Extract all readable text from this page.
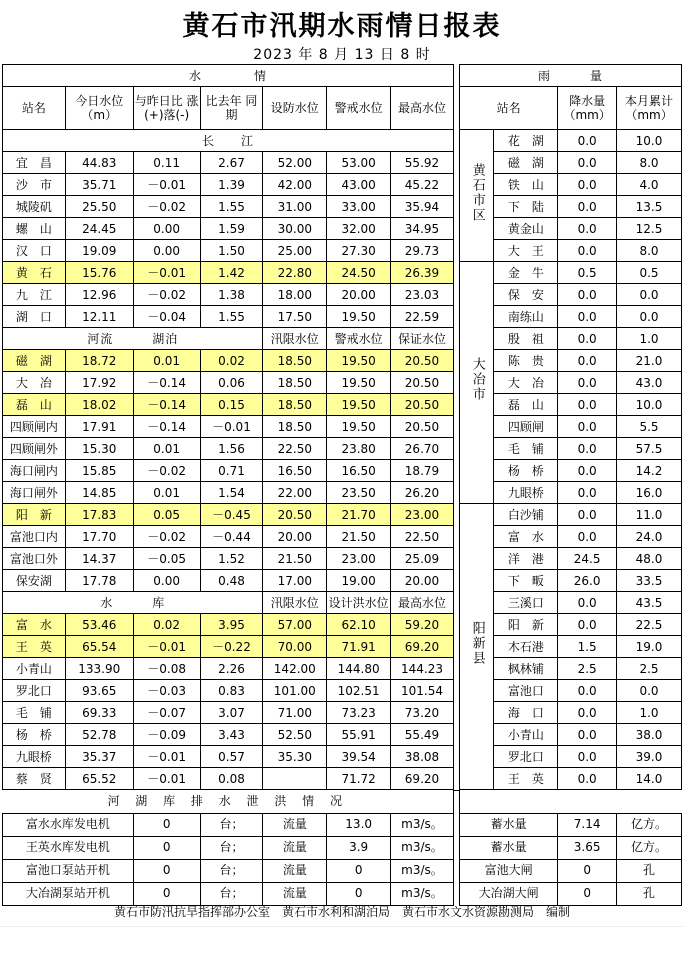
黄石市汛期水雨情日报表
2023 年 8 月 13 日 8 时
水　　　　情								雨　　　量			
站名	今日水位（m）	与昨日比 涨(+)落(-)	比去年 同　期	设防水位	警戒水位	最高水位		站名		降水量（mm）	本月累计（mm）
长　　江								黄石市区	花　湖	0.0	10.0
宜　昌	44.83	0.11	2.67	52.00	53.00	55.92			磁　湖	0.0	8.0
沙　市	35.71	－0.01	1.39	42.00	43.00	45.22			铁　山	0.0	4.0
城陵矶	25.50	－0.02	1.55	31.00	33.00	35.94			下　陆	0.0	13.5
螺　山	24.45	0.00	1.59	30.00	32.00	34.95			黄金山	0.0	12.5
汉　口	19.09	0.00	1.50	25.00	27.30	29.73			大　王	0.0	8.0
黄　石	15.76	－0.01	1.42	22.80	24.50	26.39		大冶市	金　牛	0.5	0.5
九　江	12.96	－0.02	1.38	18.00	20.00	23.03			保　安	0.0	0.0
湖　口	12.11	－0.04	1.55	17.50	19.50	22.59			南练山	0.0	0.0
河流　　　湖泊				汛限水位	警戒水位	保证水位			殷　祖	0.0	1.0
磁　湖	18.72	0.01	0.02	18.50	19.50	20.50			陈　贵	0.0	21.0
大　冶	17.92	－0.14	0.06	18.50	19.50	20.50			大　冶	0.0	43.0
磊　山	18.02	－0.14	0.15	18.50	19.50	20.50			磊　山	0.0	10.0
四顾闸内	17.91	－0.14	－0.01	18.50	19.50	20.50			四顾闸	0.0	5.5
四顾闸外	15.30	0.01	1.56	22.50	23.80	26.70			毛　铺	0.0	57.5
海口闸内	15.85	－0.02	0.71	16.50	16.50	18.79			杨　桥	0.0	14.2
海口闸外	14.85	0.01	1.54	22.00	23.50	26.20			九眼桥	0.0	16.0
阳　新	17.83	0.05	－0.45	20.50	21.70	23.00		阳新县	白沙铺	0.0	11.0
富池口内	17.70	－0.02	－0.44	20.00	21.50	22.50			富　水	0.0	24.0
富池口外	14.37	－0.05	1.52	21.50	23.00	25.09			洋　港	24.5	48.0
保安湖	17.78	0.00	0.48	17.00	19.00	20.00			下　畈	26.0	33.5
水　　　库				汛限水位	设计洪水位	最高水位			三溪口	0.0	43.5
富　水	53.46	0.02	3.95	57.00	62.10	59.20			阳　新	0.0	22.5
王　英	65.54	－0.01	－0.22	70.00	71.91	69.20			木石港	1.5	19.0
小青山	133.90	－0.08	2.26	142.00	144.80	144.23			枫林铺	2.5	2.5
罗北口	93.65	－0.03	0.83	101.00	102.51	101.54			富池口	0.0	0.0
毛　铺	69.33	－0.07	3.07	71.00	73.23	73.20			海　口	0.0	1.0
杨　桥	52.78	－0.09	3.43	52.50	55.91	55.49			小青山	0.0	38.0
九眼桥	35.37	－0.01	0.57	35.30	39.54	38.08			罗北口	0.0	39.0
蔡　贤	65.52	－0.01	0.08		71.72	69.20			王　英	0.0	14.0
河 湖 库 排 水 泄 洪 情 况									
富水水库发电机	0	台；	流量	13.0	m3/s。		蓄水量	7.14	亿方。
王英水库发电机	0	台；	流量	3.9	m3/s。		蓄水量	3.65	亿方。
富池口泵站开机	0	台；	流量	0	m3/s。		富池大闸	0	孔
大冶湖泵站开机	0	台；	流量	0	m3/s。		大冶湖大闸	0	孔
黄石市防汛抗旱指挥部办公室　黄石市水利和湖泊局　黄石市水文水资源勘测局　编制
